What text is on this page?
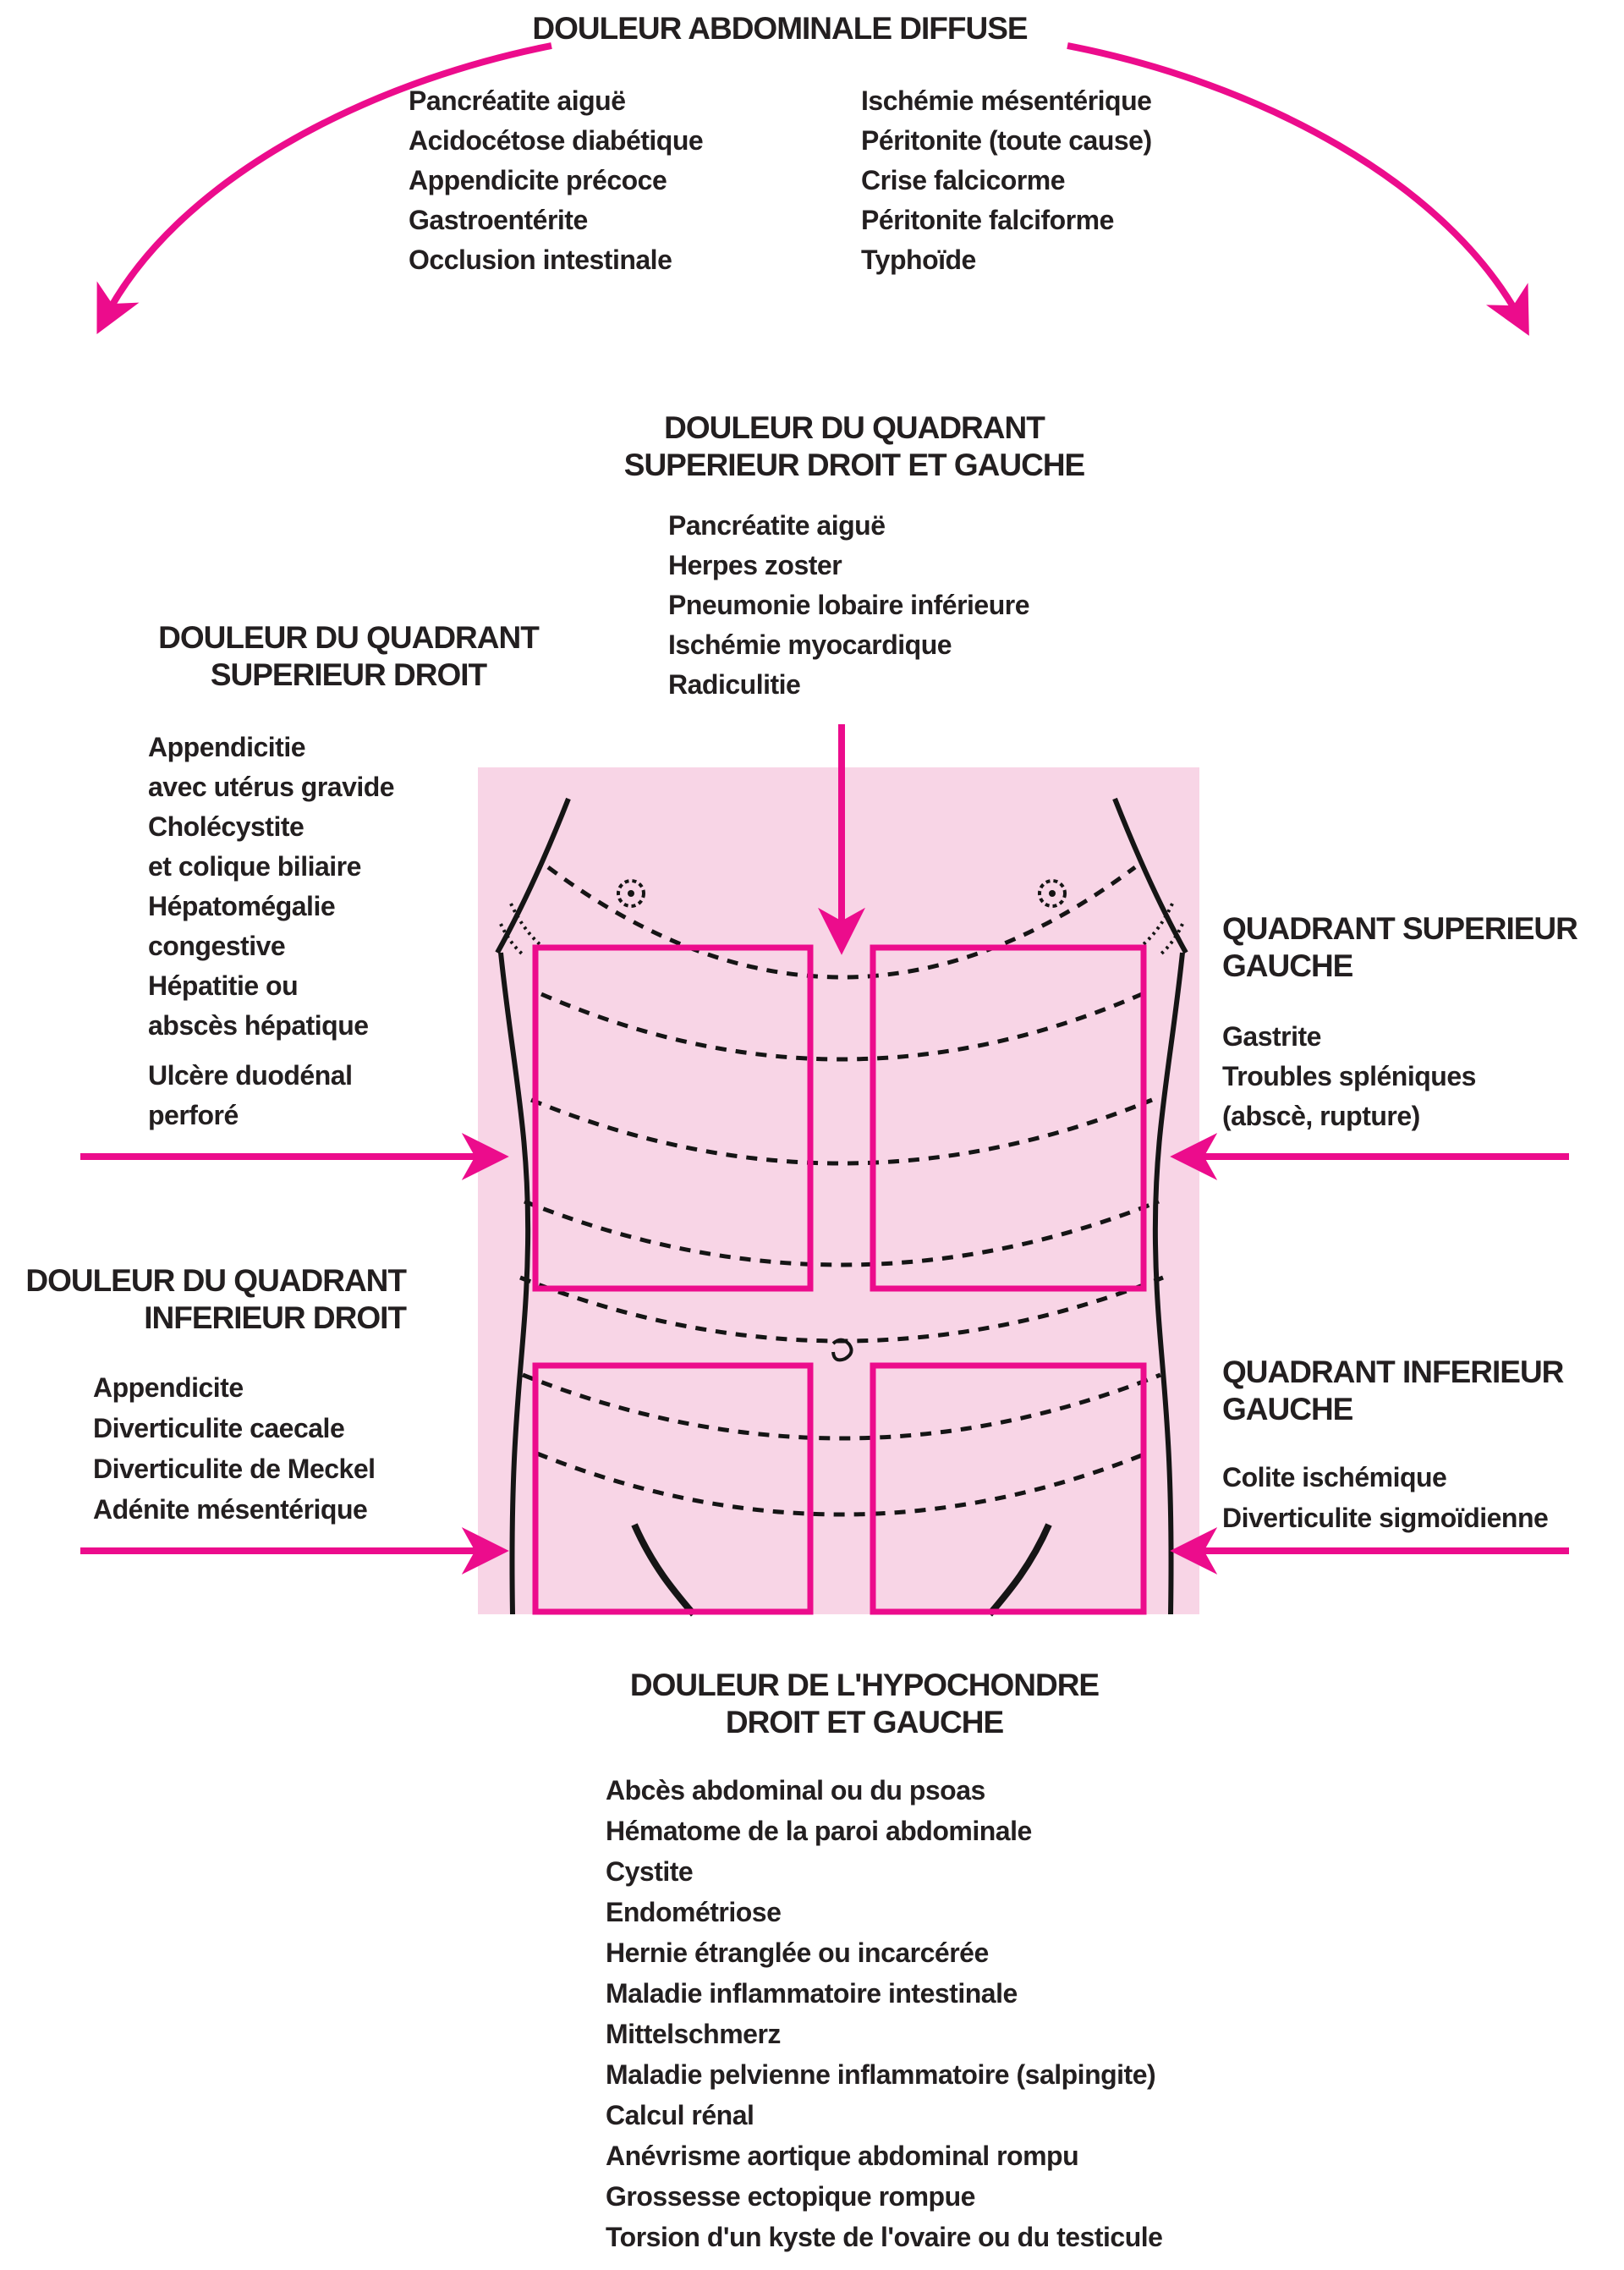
DOULEUR ABDOMINALE DIFFUSE
Pancréatite aiguë
Acidocétose diabétique
Appendicite précoce
Gastroentérite
Occlusion intestinale
Ischémie mésentérique
Péritonite (toute cause)
Crise falcicorme
Péritonite falciforme
Typhoïde
DOULEUR DU QUADRANT
SUPERIEUR DROIT ET GAUCHE
Pancréatite aiguë
Herpes zoster
Pneumonie lobaire inférieure
Ischémie myocardique
Radiculitie
DOULEUR DU QUADRANT
SUPERIEUR DROIT
Appendicitie
avec utérus gravide
Cholécystite
et colique biliaire
Hépatomégalie
congestive
Hépatitie ou
abscès hépatique
Ulcère duodénal
perforé
QUADRANT SUPERIEUR
GAUCHE
Gastrite
Troubles spléniques
(abscè, rupture)
DOULEUR DU QUADRANT
INFERIEUR DROIT
Appendicite
Diverticulite caecale
Diverticulite de Meckel
Adénite mésentérique
QUADRANT INFERIEUR
GAUCHE
Colite ischémique
Diverticulite sigmoïdienne
DOULEUR DE L'HYPOCHONDRE
DROIT ET GAUCHE
Abcès abdominal ou du psoas
Hématome de la paroi abdominale
Cystite
Endométriose
Hernie étranglée ou incarcérée
Maladie inflammatoire intestinale
Mittelschmerz
Maladie pelvienne inflammatoire (salpingite)
Calcul rénal
Anévrisme aortique abdominal rompu
Grossesse ectopique rompue
Torsion d'un kyste de l'ovaire ou du testicule
